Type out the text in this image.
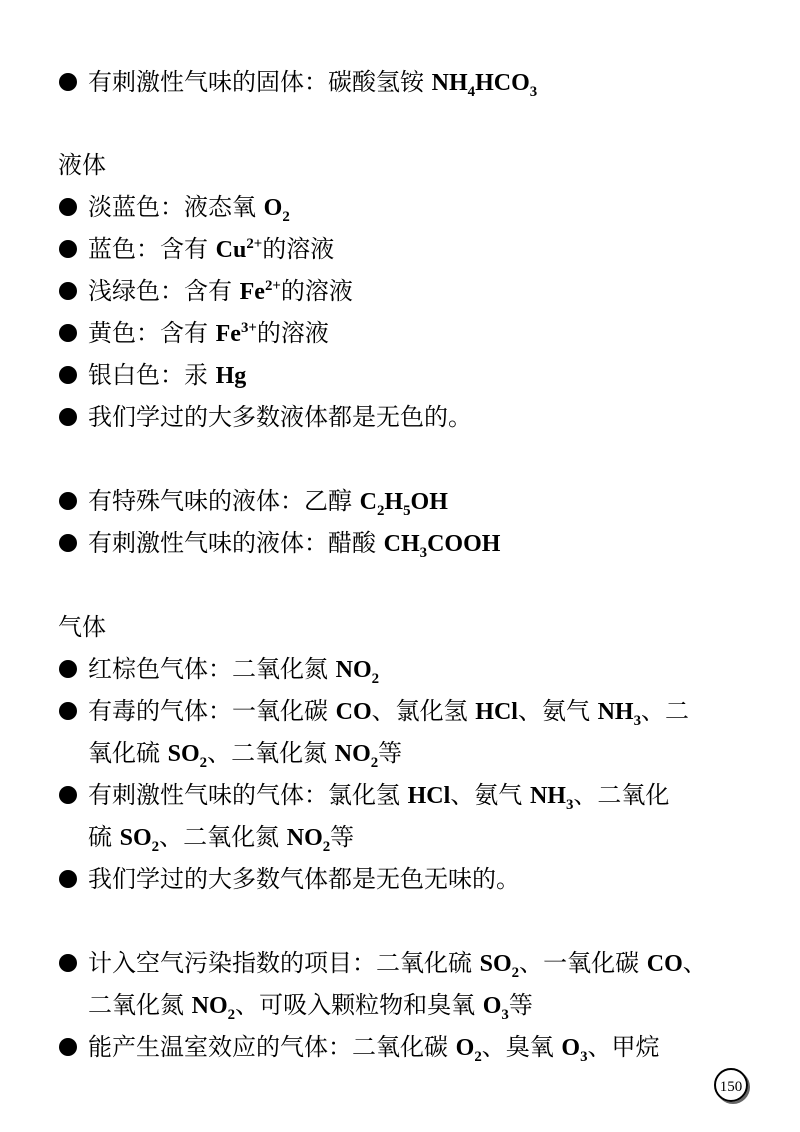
有刺激性气味的固体：碳酸氢铵 $NH_4HCO_3$
液体
淡蓝色：液态氧 $O_2$
蓝色：含有 $Cu^{2+}$的溶液
浅绿色：含有 $Fe^{2+}$的溶液
黄色：含有 $Fe^{3+}$的溶液
银白色：汞 Hg
我们学过的大多数液体都是无色的。
有特殊气味的液体：乙醇 $C_2H_5OH$
有刺激性气味的液体：醋酸 $CH_3COOH$
气体
红棕色气体：二氧化氮 $NO_2$
有毒的气体：一氧化碳 CO、氯化氢 HCl、氨气 $NH_3$、二
氧化硫 $SO_2$、二氧化氮 $NO_2$等
有刺激性气味的气体：氯化氢 HCl、氨气 $NH_3$、二氧化
硫 $SO_2$、二氧化氮 $NO_2$等
我们学过的大多数气体都是无色无味的。
计入空气污染指数的项目：二氧化硫 $SO_2$、一氧化碳 CO、
二氧化氮 $NO_2$、可吸入颗粒物和臭氧 $O_3$等
能产生温室效应的气体：二氧化碳 $O_2$、臭氧 $O_3$、甲烷
150
